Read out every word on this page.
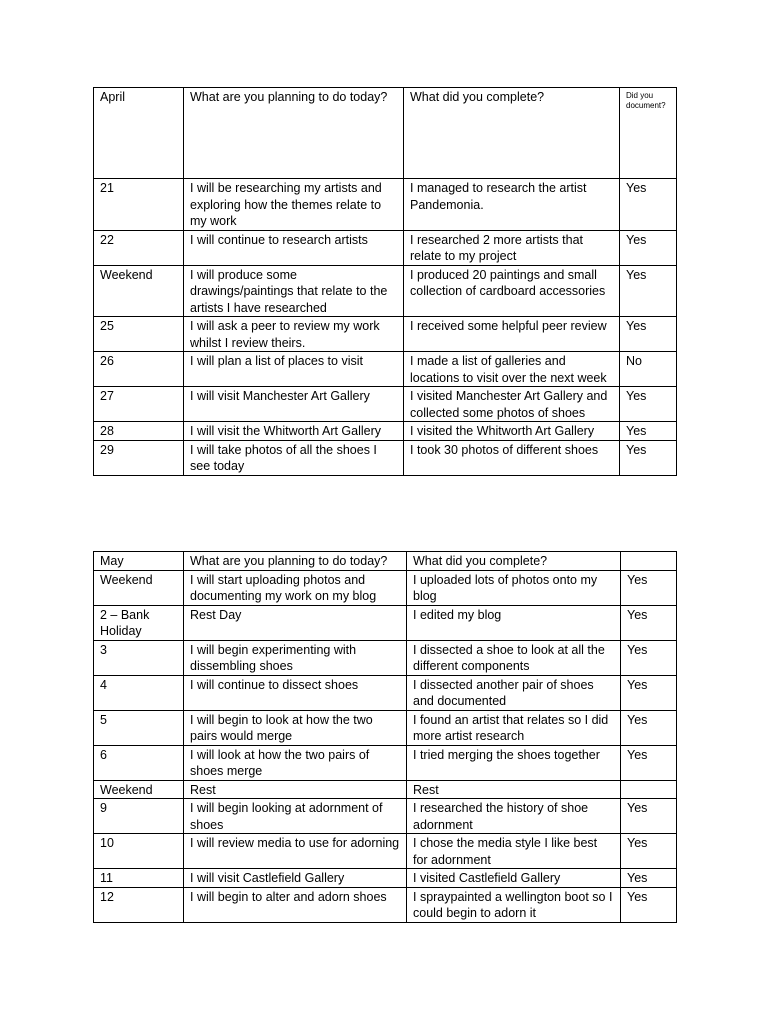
April	What are you planning to do today?	What did you complete?	Did you document?
21	I will be researching my artists and exploring how the themes relate to my work	I managed to research the artist Pandemonia.	Yes
22	I will continue to research artists	I researched 2 more artists that relate to my project	Yes
Weekend	I will produce some drawings/paintings that relate to the artists I have researched	I produced 20 paintings and small collection of cardboard accessories	Yes
25	I will ask a peer to review my work whilst I review theirs.	I received some helpful peer review	Yes
26	I will plan a list of places to visit	I made a list of galleries and locations to visit over the next week	No
27	I will visit Manchester Art Gallery	I visited Manchester Art Gallery and collected some photos of shoes	Yes
28	I will visit the Whitworth Art Gallery	I visited the Whitworth Art Gallery	Yes
29	I will take photos of all the shoes I see today	I took 30 photos of different shoes	Yes
May	What are you planning to do today?	What did you complete?	
Weekend	I will start uploading photos and documenting my work on my blog	I uploaded lots of photos onto my blog	Yes
2 – Bank Holiday	Rest Day	I edited my blog	Yes
3	I will begin experimenting with dissembling shoes	I dissected a shoe to look at all the different components	Yes
4	I will continue to dissect shoes	I dissected another pair of shoes and documented	Yes
5	I will begin to look at how the two pairs would merge	I found an artist that relates so I did more artist research	Yes
6	I will look at how the two pairs of shoes merge	I tried merging the shoes together	Yes
Weekend	Rest	Rest	
9	I will begin looking at adornment of shoes	I researched the history of shoe adornment	Yes
10	I will review media to use for adorning	I chose the media style I like best for adornment	Yes
11	I will visit Castlefield Gallery	I visited Castlefield Gallery	Yes
12	I will begin to alter and adorn shoes	I spraypainted a wellington boot so I could begin to adorn it	Yes
